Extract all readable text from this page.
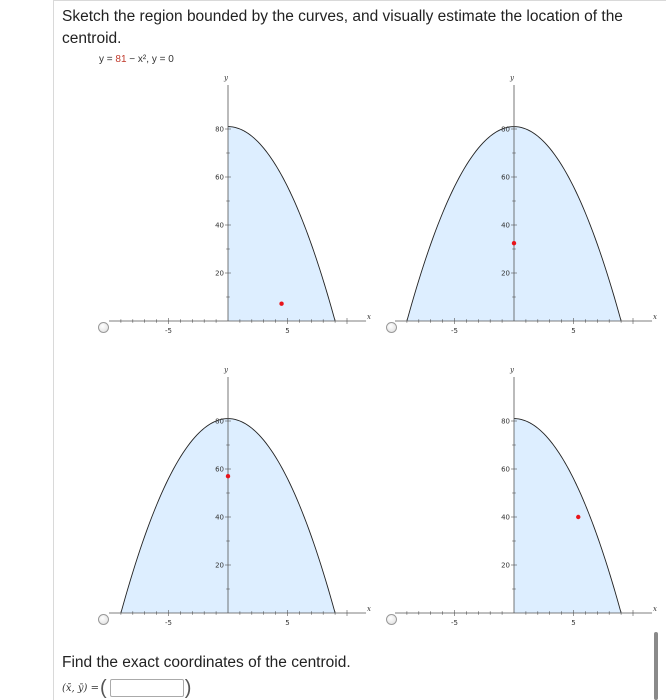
Sketch the region bounded by the curves, and visually estimate the location of the centroid.
y = 81 − x², y = 0
-5	5
20
40
60
80
x
y
-5	5
20
40
60
80
x
y
-5	5
20
40
60
80
x
y
-5	5
20
40
60
80
x
y
Find the exact coordinates of the centroid.
(x̄, ȳ) = (	)
